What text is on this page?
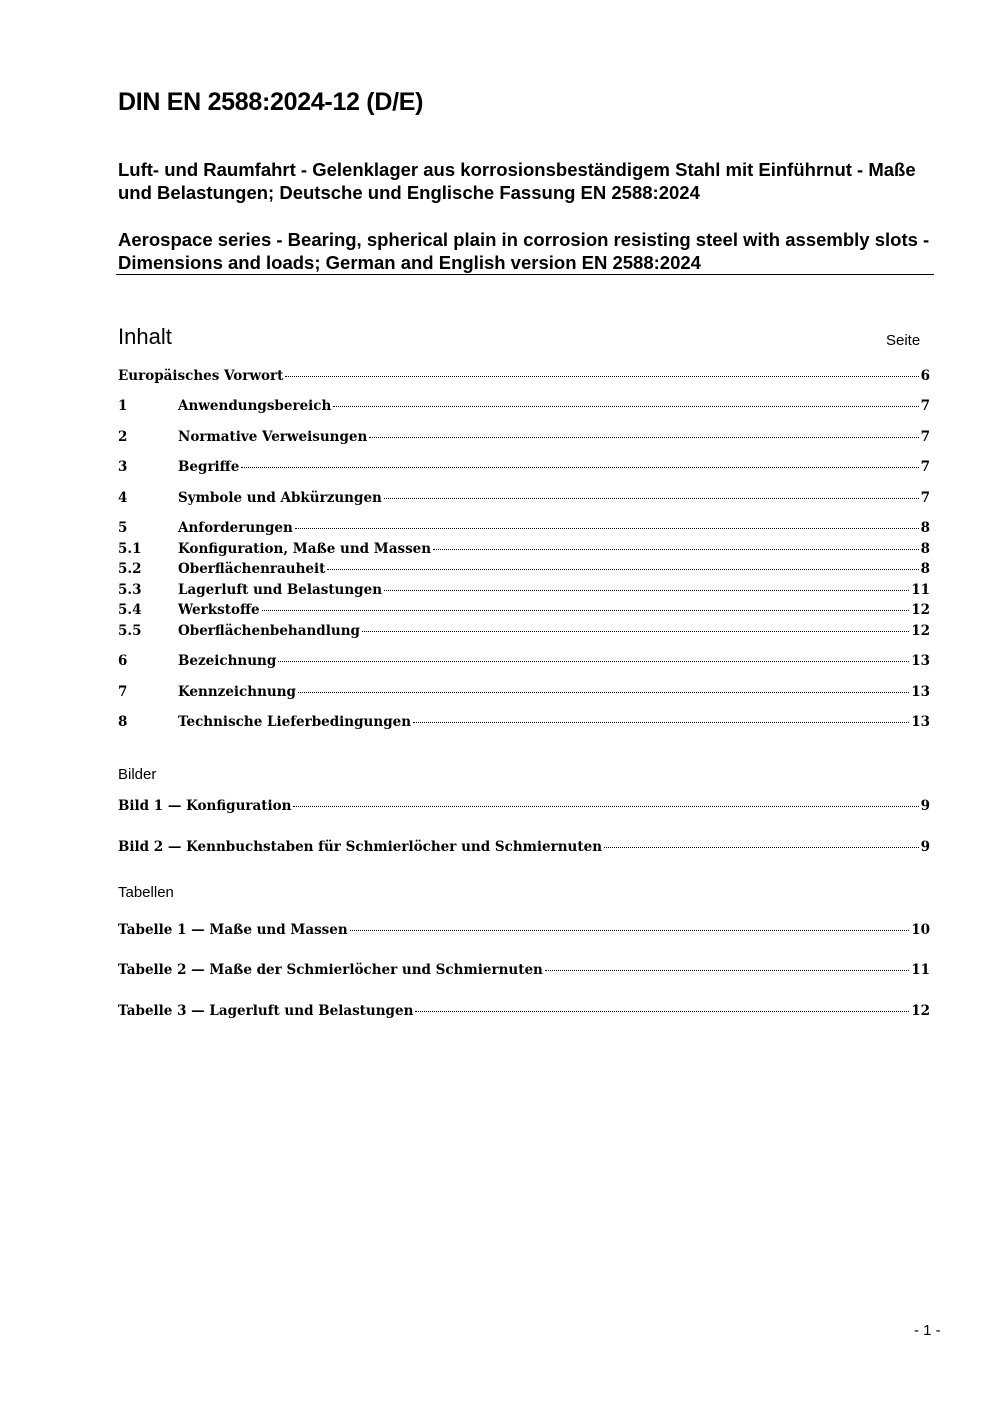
DIN EN 2588:2024-12 (D/E)

Luft- und Raumfahrt - Gelenklager aus korrosionsbeständigem Stahl mit Einführnut - Maße und Belastungen; Deutsche und Englische Fassung EN 2588:2024

Aerospace series - Bearing, spherical plain in corrosion resisting steel with assembly slots - Dimensions and loads; German and English version EN 2588:2024

Inhalt	Seite
Europäisches Vorwort	6
1	Anwendungsbereich	7
2	Normative Verweisungen	7
3	Begriffe	7
4	Symbole und Abkürzungen	7
5	Anforderungen	8
5.1	Konfiguration, Maße und Massen	8
5.2	Oberflächenrauheit	8
5.3	Lagerluft und Belastungen	11
5.4	Werkstoffe	12
5.5	Oberflächenbehandlung	12
6	Bezeichnung	13
7	Kennzeichnung	13
8	Technische Lieferbedingungen	13
Bilder
Bild 1 — Konfiguration	9
Bild 2 — Kennbuchstaben für Schmierlöcher und Schmiernuten	9
Tabellen
Tabelle 1 — Maße und Massen	10
Tabelle 2 — Maße der Schmierlöcher und Schmiernuten	11
Tabelle 3 — Lagerluft und Belastungen	12
- 1 -
